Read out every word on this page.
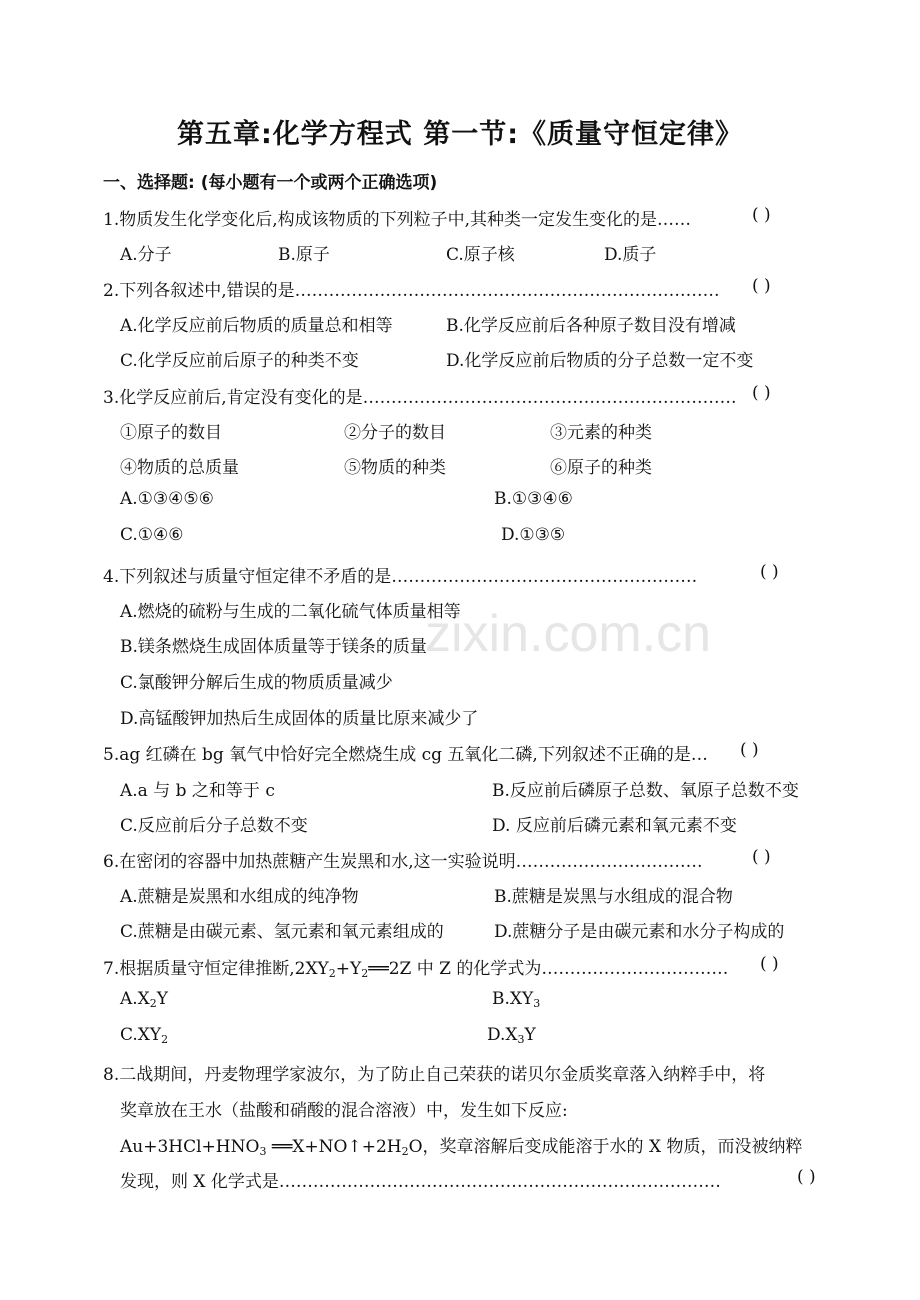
zixin.com.cn
第五章:化学方程式 第一节:《质量守恒定律》
一、选择题: (每小题有一个或两个正确选项)
1.物质发生化学变化后,构成该物质的下列粒子中,其种类一定发生变化的是……	( )
A.分子	B.原子	C.原子核	D.质子
2.下列各叙述中,错误的是………………………………………………………………… ( )
A.化学反应前后物质的质量总和相等	B.化学反应前后各种原子数目没有增减
C.化学反应前后原子的种类不变	D.化学反应前后物质的分子总数一定不变
3.化学反应前后,肯定没有变化的是………………………………………………………… ( )
①原子的数目	②分子的数目	③元素的种类
④物质的总质量	⑤物质的种类	⑥原子的种类
A.①③④⑤⑥	B.①③④⑥
C.①④⑥	D.①③⑤
4.下列叙述与质量守恒定律不矛盾的是………………………………………………	( )
A.燃烧的硫粉与生成的二氧化硫气体质量相等
B.镁条燃烧生成固体质量等于镁条的质量
C.氯酸钾分解后生成的物质质量减少
D.高锰酸钾加热后生成固体的质量比原来减少了
5.ag 红磷在 bg 氧气中恰好完全燃烧生成 cg 五氧化二磷,下列叙述不正确的是… ( )
A.a 与 b 之和等于 c	B.反应前后磷原子总数、氧原子总数不变
C.反应前后分子总数不变	D. 反应前后磷元素和氧元素不变
6.在密闭的容器中加热蔗糖产生炭黑和水,这一实验说明……………………………	( )
A.蔗糖是炭黑和水组成的纯净物	B.蔗糖是炭黑与水组成的混合物
C.蔗糖是由碳元素、氢元素和氧元素组成的	D.蔗糖分子是由碳元素和水分子构成的
7.根据质量守恒定律推断$,2XY_2+Y_2══2Z$ 中 Z 的化学式为…………………………… ( )
$A.X_2Y$	$B.XY_3$
$C.XY_2$	$D.X_3Y$
8.二战期间，丹麦物理学家波尔，为了防止自己荣获的诺贝尔金质奖章落入纳粹手中，将
奖章放在王水（盐酸和硝酸的混合溶液）中，发生如下反应:
$Au+3HCl+HNO_3$ $══X+NO↑+2H_2O$，奖章溶解后变成能溶于水的 X 物质，而没被纳粹
发现，则 X 化学式是……………………………………………………………………	( )
